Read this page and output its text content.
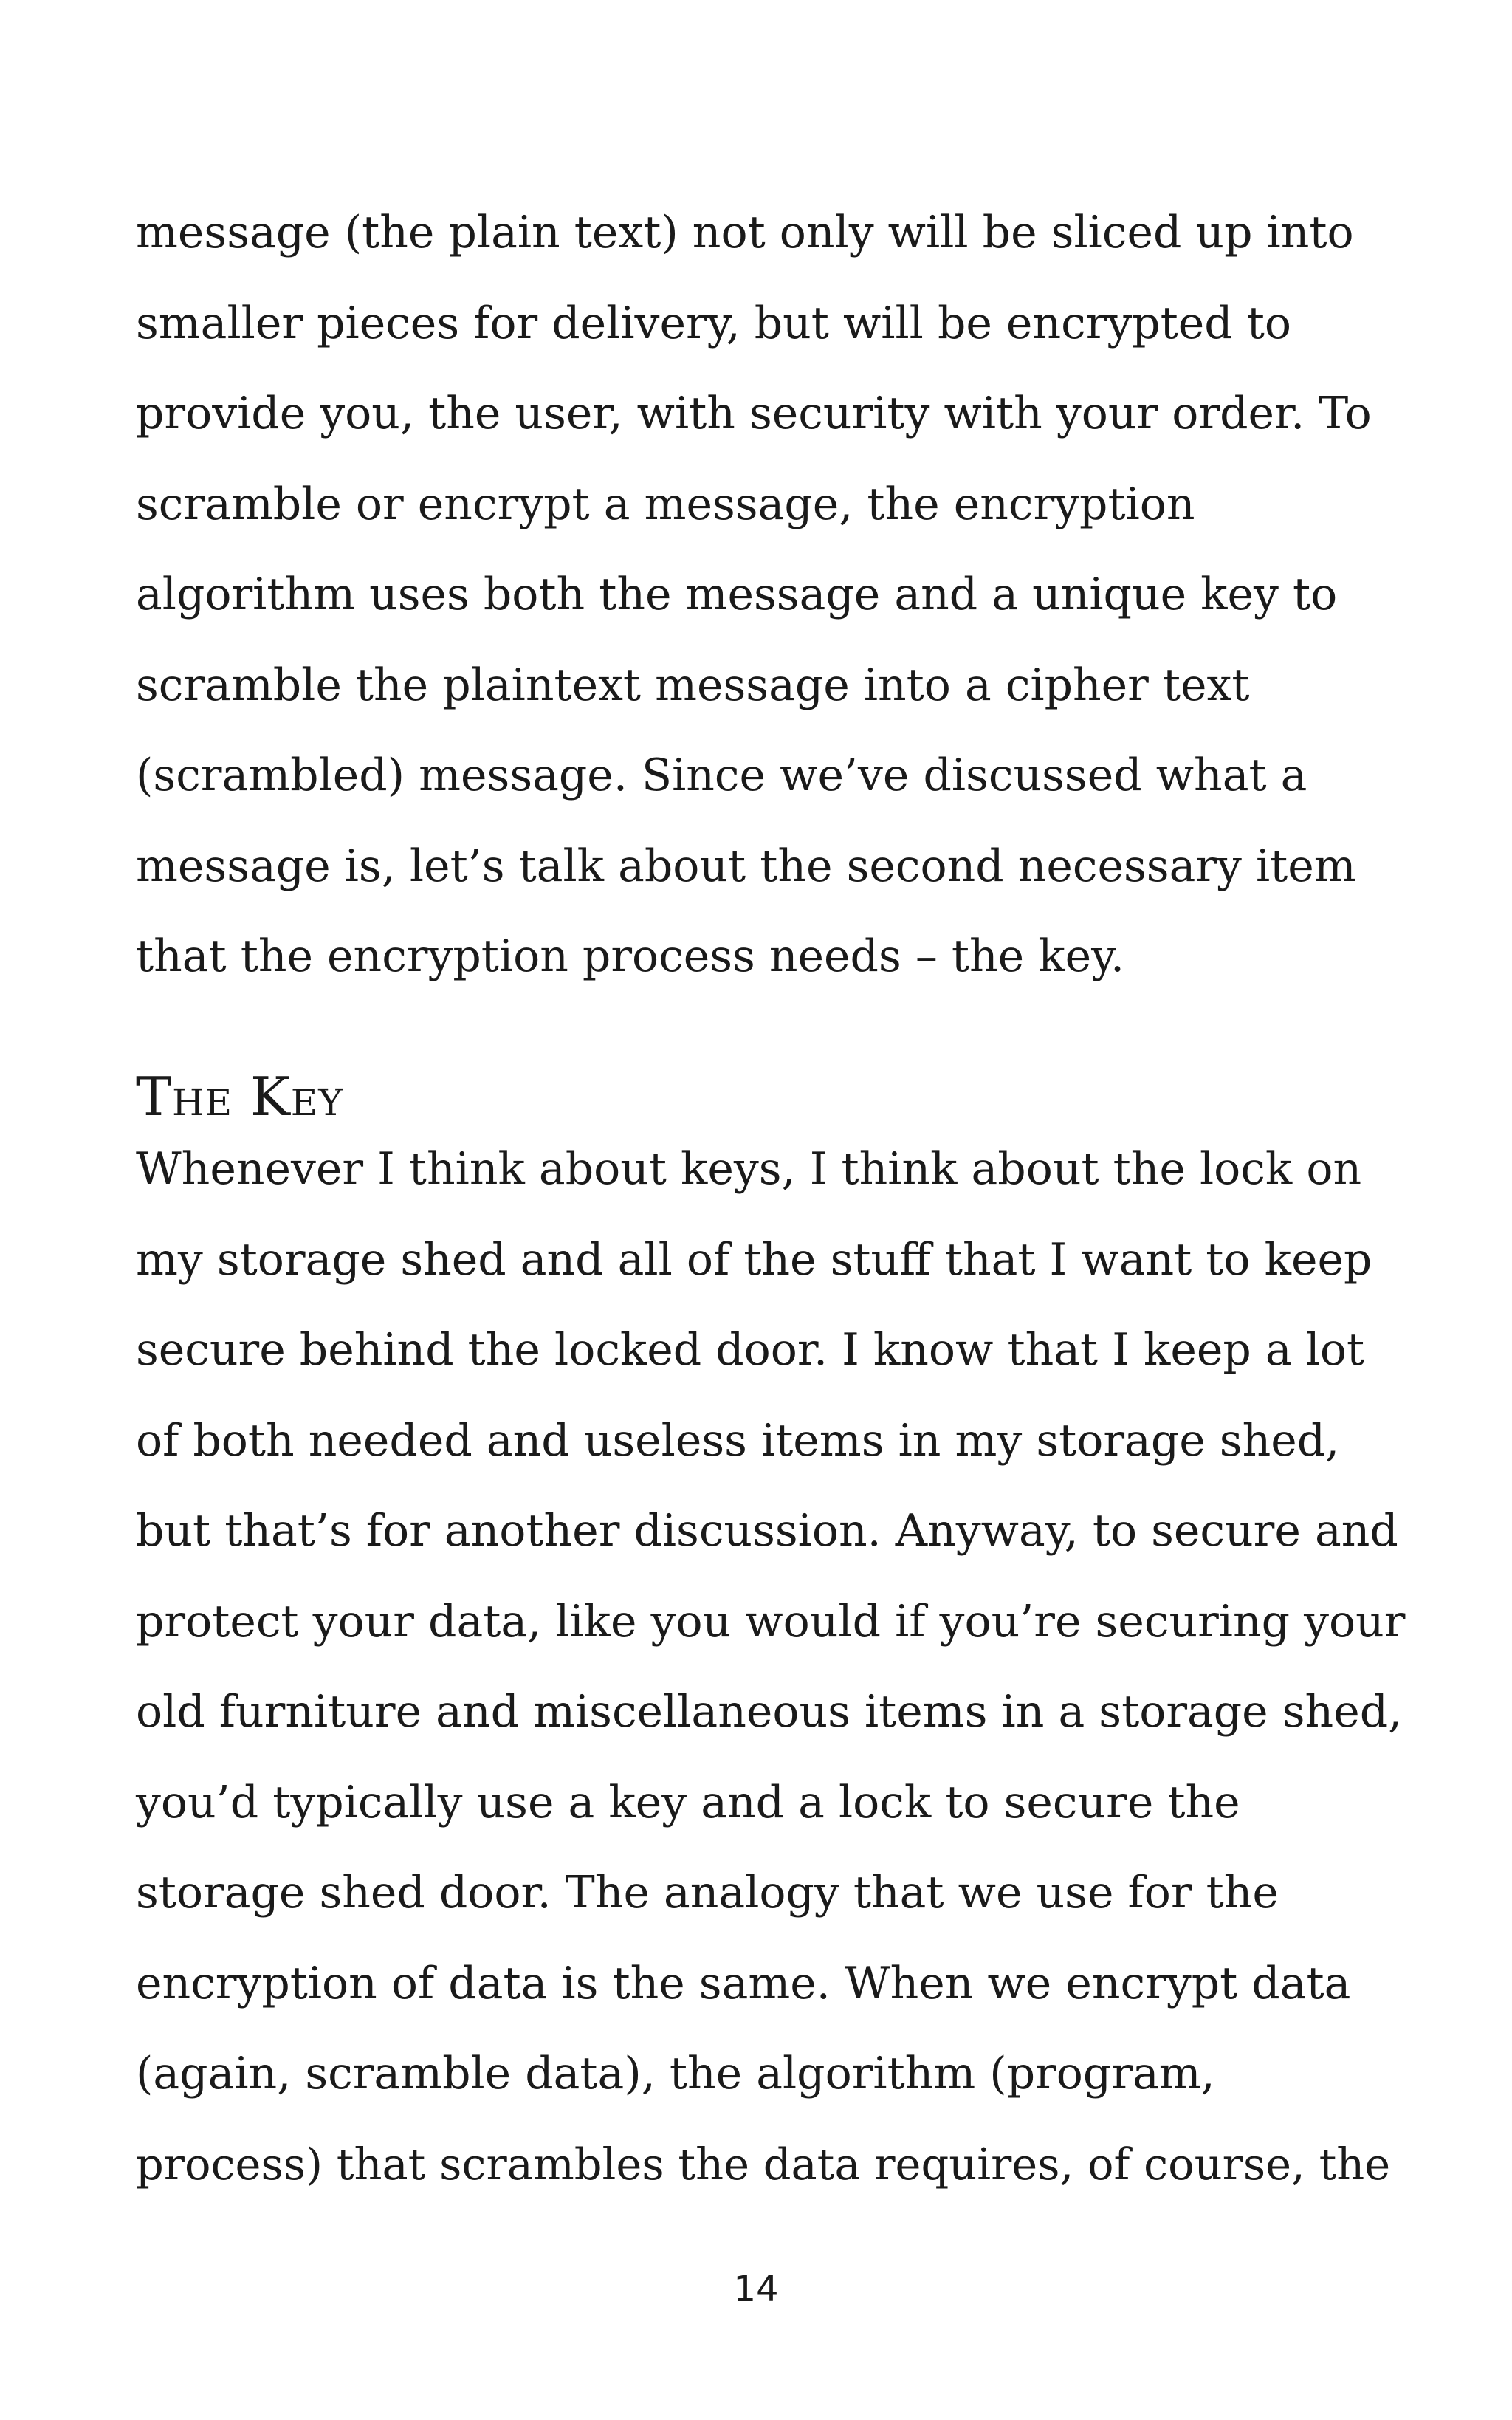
message (the plain text) not only will be sliced up into
smaller pieces for delivery, but will be encrypted to
provide you, the user, with security with your order. To
scramble or encrypt a message, the encryption
algorithm uses both the message and a unique key to
scramble the plaintext message into a cipher text
(scrambled) message. Since we’ve discussed what a
message is, let’s talk about the second necessary item
that the encryption process needs – the key.
The Key
Whenever I think about keys, I think about the lock on
my storage shed and all of the stuff that I want to keep
secure behind the locked door. I know that I keep a lot
of both needed and useless items in my storage shed,
but that’s for another discussion. Anyway, to secure and
protect your data, like you would if you’re securing your
old furniture and miscellaneous items in a storage shed,
you’d typically use a key and a lock to secure the
storage shed door. The analogy that we use for the
encryption of data is the same. When we encrypt data
(again, scramble data), the algorithm (program,
process) that scrambles the data requires, of course, the
14
